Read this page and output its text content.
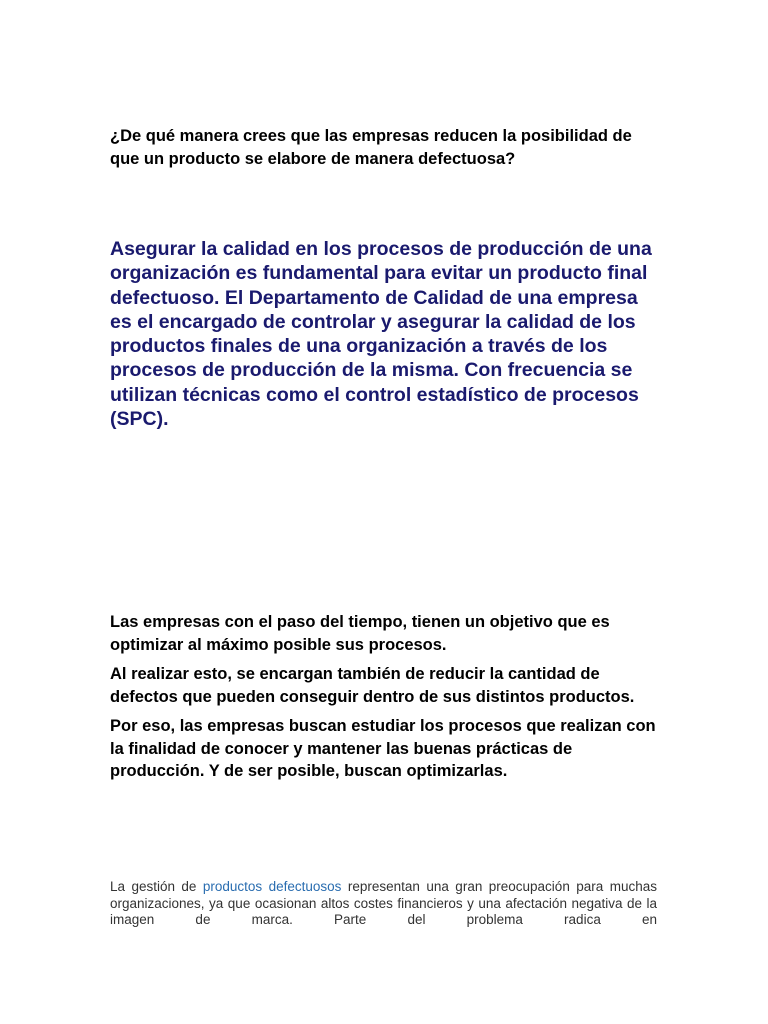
¿De qué manera crees que las empresas reducen la posibilidad de que un producto se elabore de manera defectuosa?

Asegurar la calidad en los procesos de producción de una organización es fundamental para evitar un producto final defectuoso. El Departamento de Calidad de una empresa es el encargado de controlar y asegurar la calidad de los productos finales de una organización a través de los procesos de producción de la misma. Con frecuencia se utilizan técnicas como el control estadístico de procesos (SPC).

Las empresas con el paso del tiempo, tienen un objetivo que es optimizar al máximo posible sus procesos.

Al realizar esto, se encargan también de reducir la cantidad de defectos que pueden conseguir dentro de sus distintos productos.

Por eso, las empresas buscan estudiar los procesos que realizan con la finalidad de conocer y mantener las buenas prácticas de producción. Y de ser posible, buscan optimizarlas.

La gestión de productos defectuosos representan una gran preocupación para muchas organizaciones, ya que ocasionan altos costes financieros y una afectación negativa de la imagen de marca. Parte del problema radica en
